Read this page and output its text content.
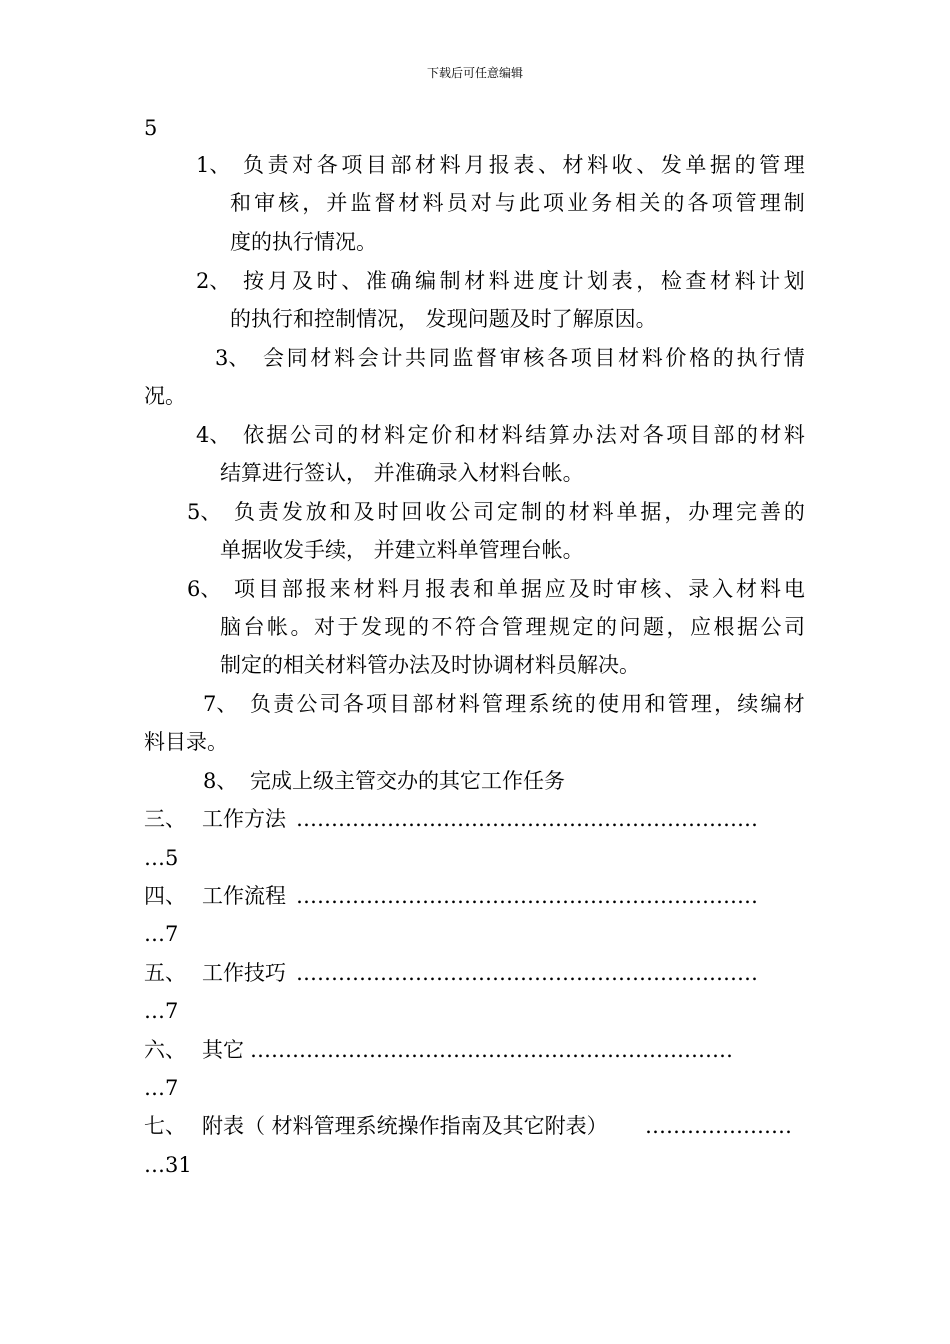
下载后可任意编辑
5
1、 负 责 对 各 项 目 部 材 料 月 报 表 、 材 料 收 、 发 单 据 的 管 理
和 审 核 ， 并 监 督 材 料 员 对 与 此 项 业 务 相 关 的 各 项 管 理 制
度的执行情况。
2、 按 月 及 时 、 准 确 编 制 材 料 进 度 计 划 表 ， 检 查 材 料 计 划
的执行和控制情况， 发现问题及时了解原因。
3、 会 同 材 料 会 计 共 同 监 督 审 核 各 项 目 材 料 价 格 的 执 行 情
况。
4、 依 据 公 司 的 材 料 定 价 和 材 料 结 算 办 法 对 各 项 目 部 的 材 料
结算进行签认， 并准确录入材料台帐。
5、 负 责 发 放 和 及 时 回 收 公 司 定 制 的 材 料 单 据 ， 办 理 完 善 的
单据收发手续， 并建立料单管理台帐。
6、 项 目 部 报 来 材 料 月 报 表 和 单 据 应 及 时 审 核 、 录 入 材 料 电
脑 台 帐 。 对 于 发 现 的 不 符 合 管 理 规 定 的 问 题 ， 应 根 据 公 司
制定的相关材料管办法及时协调材料员解决。
7、 负 责 公 司 各 项 目 部 材 料 管 理 系 统 的 使 用 和 管 理 ， 续 编 材
料目录。
8、 完成上级主管交办的其它工作任务
三、 工作方法 …………………………………………………………
…5
四、 工作流程 …………………………………………………………
…7
五、 工作技巧 …………………………………………………………
…7
六、 其它 ……………………………………………………………
…7
七、 附表（ 材料管理系统操作指南及其它附表） …………………
…31
